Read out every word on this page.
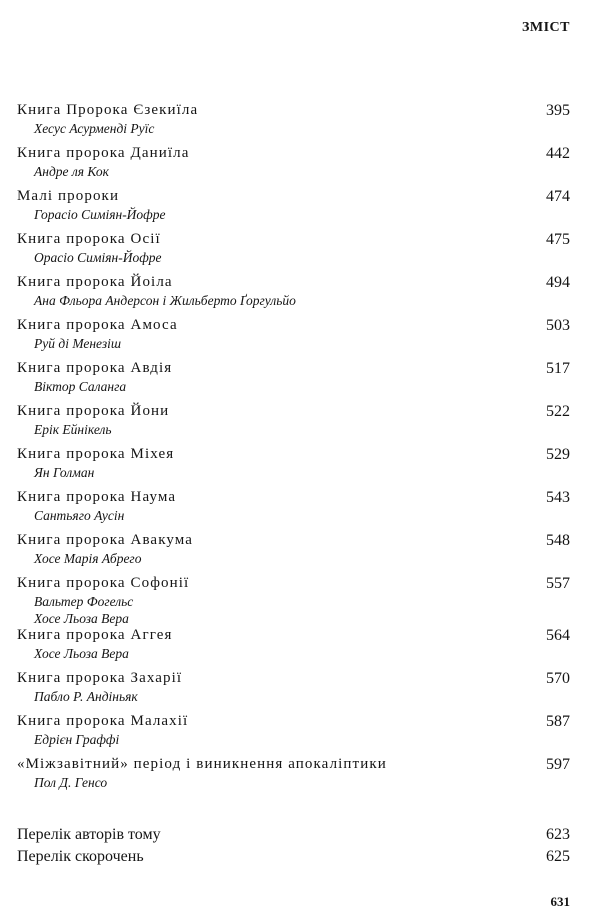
ЗМІСТ
Книга Пророка Єзекиїла	395
Хесус Асурменді Руїс
Книга пророка Даниїла	442
Андре ля Кок
Малі пророки	474
Горасіо Симіян-Йофре
Книга пророка Осії	475
Орасіо Симіян-Йофре
Книга пророка Йоіла	494
Ана Фльора Андерсон і Жильберто Ґоргульйо
Книга пророка Амоса	503
Руй ді Менезіш
Книга пророка Авдія	517
Віктор Саланга
Книга пророка Йони	522
Ерік Ейнікель
Книга пророка Міхея	529
Ян Голман
Книга пророка Наума	543
Сантьяго Аусін
Книга пророка Авакума	548
Хосе Марія Абрего
Книга пророка Софонії	557
Вальтер Фогельс
Хосе Льоза Вера
Книга пророка Аггея	564
Хосе Льоза Вера
Книга пророка Захарії	570
Пабло Р. Андіньяк
Книга пророка Малахії	587
Едрієн Граффі
«Міжзавітний» період і виникнення апокаліптики	597
Пол Д. Генсо
Перелік авторів тому	623
Перелік скорочень	625
631
